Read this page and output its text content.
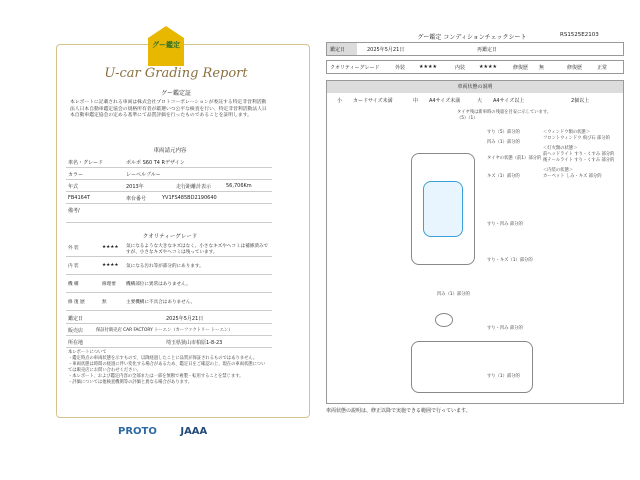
グー鑑定
U-car Grading Report
グー鑑定証
本レポートに記載される車両は株式会社プロトコーポレーションが委託する特定非営利活動法人日本自動車鑑定協会の規格所有者が厳選いつ公平な検査を行い、特定非営利活動法人日本自動車鑑定協会の定める基準にて品質評価を行ったものであることを証明します。
車両請元内容
車名・グレード	ボルボ S60 T4 Rデザイン
カラー	レーベルブルー
年式	2013年	走行距離計表示	56,706Km
FB4164T	車台番号	YV1FS485BD2190640
備考/
クオリティーグレード
外 装	★★★★ 気になるような大きなキズはなく、小さなキズやヘコミは補修済みですが、小さなキズやヘコミは残っています。
内 装	★★★★ 気になる汚れ等が部分的にあります。
機 構	修理要 機構部位に異常はありません。
修 復 歴	無	主要機構に不具合はありません。
鑑定日	2025年5月21日
販売店	保証付販売店 CAR FACTORY トーエン（カーファクトリー トーエン）
所在地	埼玉県狭山市柏原1-8-23
本レポートについて
・鑑定時点の車両状態を示すもので、以降経過したことに品質が保証されるものではありません。
・車両状態は時間の経過に伴い変化する場合があるため、鑑定日をご確認の上、現在の車両状態については販売店にお問い合わせください。
・本レポート、および鑑定内容の全部または一部を無断で複製・転用することを禁じます。
・評価については他検査機関等の評価と異なる場合があります。
PROTO JAAA
RS1525E2103
グー鑑定 コンディションチェックシート
鑑定日	2025年5月21日	再鑑定日
クオリティーグレード	外装	★★★★	内装	★★★★	修復歴 無	修復歴	正常
車両状態の説明
小 カードサイズ未満	中 A4サイズ未満	大 A4サイズ以上	2個以上
タイヤ残は新車時の残量を目安に示しています。
（5）（1）
すり（5）部分的
凹み（1）部分的
タイヤの状態（前1）部分的
キズ（1）部分的
すり・凹み 部分的
すり・キズ（1）部分的
凹み（1）部分的
すり・凹み 部分的
すり（1）部分的
＜ウィンドウ類の状態＞
フロントウィンドウ 飛び石 部分的
＜灯火類の状態＞
前ヘッドライト すり・くすみ 部分的
後テールライト すり・くすみ 部分的
＜内装の状態＞
カーペット しみ・キズ 部分的
車両状態の説明は、修正以降で実施できる範囲で行っています。
